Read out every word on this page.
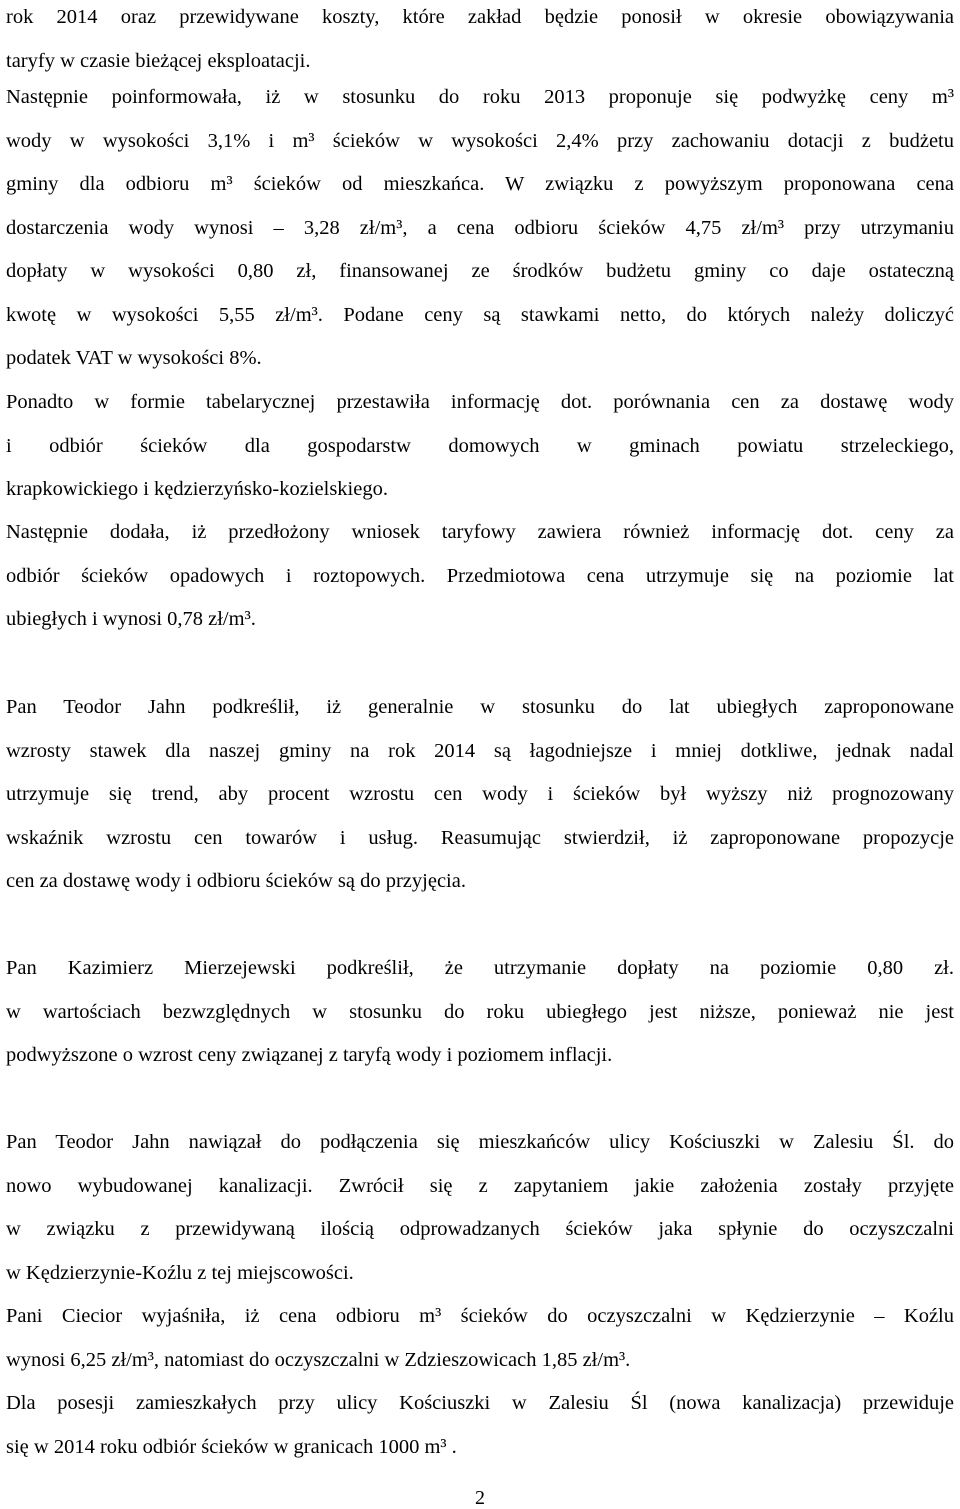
rok 2014 oraz przewidywane koszty, które zakład będzie ponosił w okresie obowiązywania
taryfy w czasie bieżącej eksploatacji.
Następnie poinformowała, iż w stosunku do roku 2013 proponuje się podwyżkę ceny m³
wody w wysokości 3,1% i m³ ścieków w wysokości 2,4% przy zachowaniu dotacji z budżetu
gminy dla odbioru m³ ścieków od mieszkańca. W związku z powyższym proponowana cena
dostarczenia wody wynosi – 3,28 zł/m³, a cena odbioru ścieków 4,75 zł/m³ przy utrzymaniu
dopłaty w wysokości 0,80 zł, finansowanej ze środków budżetu gminy co daje ostateczną
kwotę w wysokości 5,55 zł/m³. Podane ceny są stawkami netto, do których należy doliczyć
podatek VAT w wysokości 8%.
Ponadto w formie tabelarycznej przestawiła informację dot. porównania cen za dostawę wody
i odbiór ścieków dla gospodarstw domowych w gminach powiatu strzeleckiego,
krapkowickiego i kędzierzyńsko-kozielskiego.
Następnie dodała, iż przedłożony wniosek taryfowy zawiera również informację dot. ceny za
odbiór ścieków opadowych i roztopowych. Przedmiotowa cena utrzymuje się na poziomie lat
ubiegłych i wynosi 0,78 zł/m³.
Pan Teodor Jahn podkreślił, iż generalnie w stosunku do lat ubiegłych zaproponowane
wzrosty stawek dla naszej gminy na rok 2014 są łagodniejsze i mniej dotkliwe, jednak nadal
utrzymuje się trend, aby procent wzrostu cen wody i ścieków był wyższy niż prognozowany
wskaźnik wzrostu cen towarów i usług. Reasumując stwierdził, iż zaproponowane propozycje
cen za dostawę wody i odbioru ścieków są do przyjęcia.
Pan Kazimierz Mierzejewski podkreślił, że utrzymanie dopłaty na poziomie 0,80 zł.
w wartościach bezwzględnych w stosunku do roku ubiegłego jest niższe, ponieważ nie jest
podwyższone o wzrost ceny związanej z taryfą wody i poziomem inflacji.
Pan Teodor Jahn nawiązał do podłączenia się mieszkańców ulicy Kościuszki w Zalesiu Śl. do
nowo wybudowanej kanalizacji. Zwrócił się z zapytaniem jakie założenia zostały przyjęte
w związku z przewidywaną ilością odprowadzanych ścieków jaka spłynie do oczyszczalni
w Kędzierzynie-Koźlu z tej miejscowości.
Pani Ciecior wyjaśniła, iż cena odbioru m³ ścieków do oczyszczalni w Kędzierzynie – Koźlu
wynosi 6,25 zł/m³, natomiast do oczyszczalni w Zdzieszowicach 1,85 zł/m³.
Dla posesji zamieszkałych przy ulicy Kościuszki w Zalesiu Śl (nowa kanalizacja) przewiduje
się w 2014 roku odbiór ścieków w granicach 1000 m³ .
2
